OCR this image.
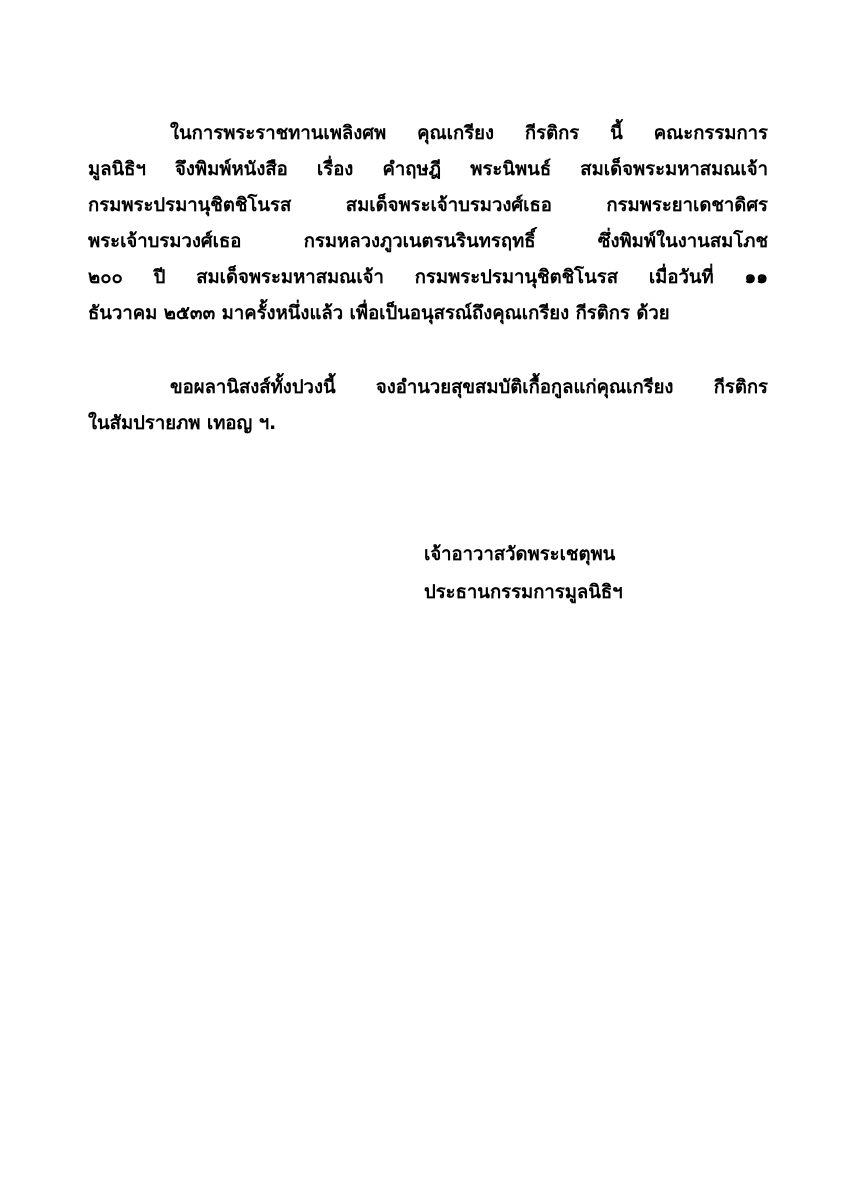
ในการพระราชทานเพลิงศพ คุณเกรียง กีรติกร นี้ คณะกรรมการ
มูลนิธิฯ จึงพิมพ์หนังสือ เรื่อง คำฤษฎี พระนิพนธ์ สมเด็จพระมหาสมณเจ้า
กรมพระปรมานุชิตชิโนรส สมเด็จพระเจ้าบรมวงศ์เธอ กรมพระยาเดชาดิศร
พระเจ้าบรมวงศ์เธอ กรมหลวงภูวเนตรนรินทรฤทธิ์ ซึ่งพิมพ์ในงานสมโภช
๒๐๐ ปี สมเด็จพระมหาสมณเจ้า กรมพระปรมานุชิตชิโนรส เมื่อวันที่ ๑๑
ธันวาคม ๒๕๓๓ มาครั้งหนึ่งแล้ว เพื่อเป็นอนุสรณ์ถึงคุณเกรียง กีรติกร ด้วย
ขอผลานิสงส์ทั้งปวงนี้ จงอำนวยสุขสมบัติเกื้อกูลแก่คุณเกรียง กีรติกร
ในสัมปรายภพ เทอญ ฯ.
เจ้าอาวาสวัดพระเชตุพน
ประธานกรรมการมูลนิธิฯ
